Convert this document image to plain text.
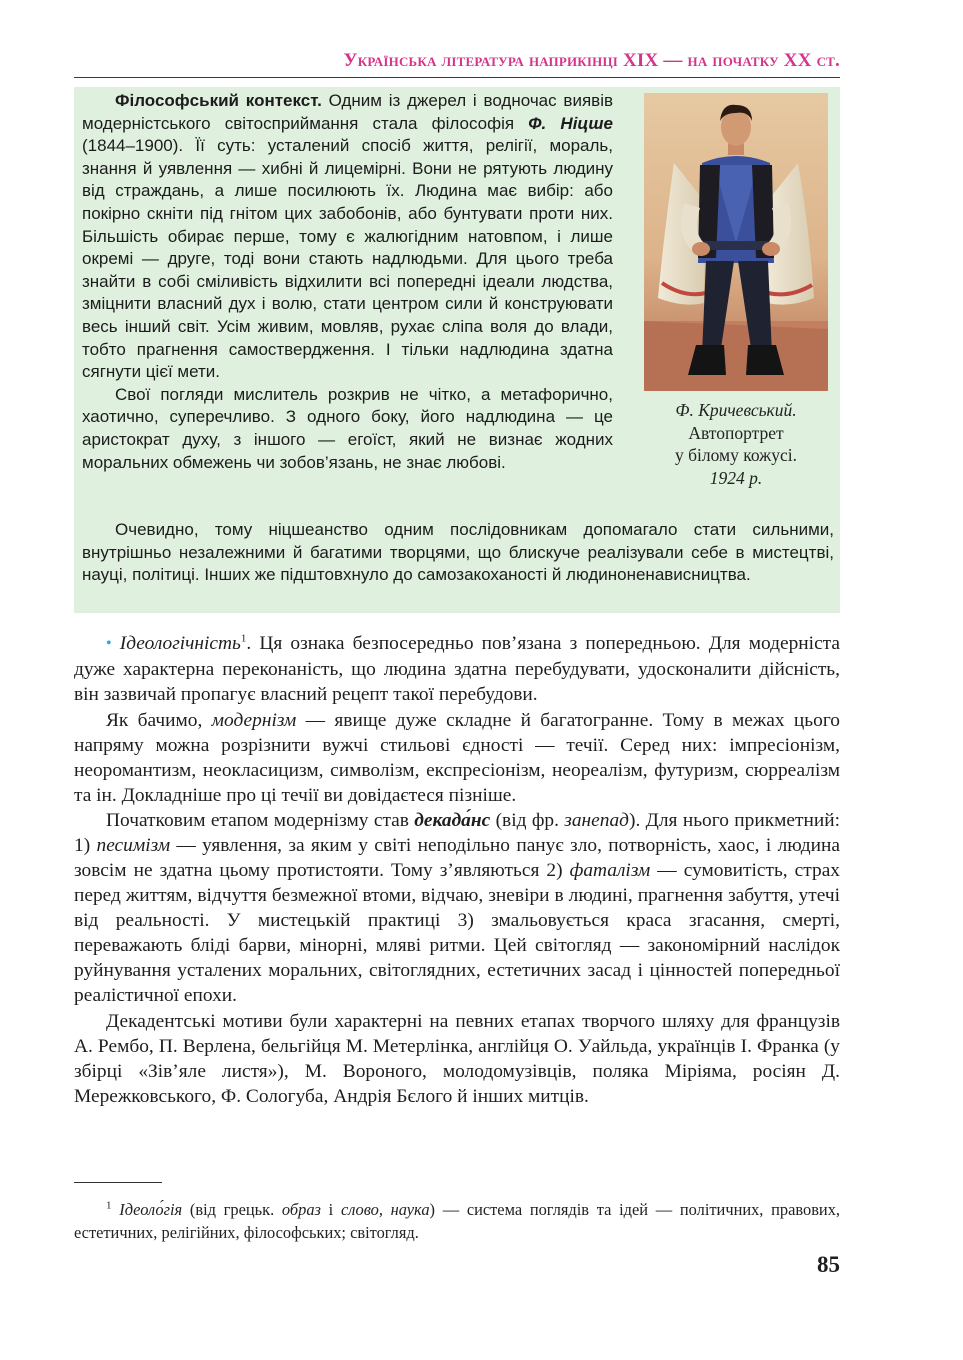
Українська література наприкінці XIX — на початку XX ст.

Філософський контекст. Одним із джерел і водночас виявів модерністського світосприймання стала філософія Ф. Ніцше (1844–1900). Її суть: усталений спосіб життя, релігії, мораль, знання й уявлення — хибні й лицемірні. Вони не рятують людину від страждань, а лише посилюють їх. Людина має вибір: або покірно скніти під гнітом цих забобонів, або бунтувати проти них. Більшість обирає перше, тому є жалюгідним натовпом, і лише окремі — друге, тоді вони стають надлюдьми. Для цього треба знайти в собі сміливість відхилити всі попередні ідеали людства, зміцнити власний дух і волю, стати центром сили й конструювати весь інший світ. Усім живим, мовляв, рухає сліпа воля до влади, тобто прагнення самоствердження. І тільки надлюдина здатна сягнути цієї мети.

Свої погляди мислитель розкрив не чітко, а метафорично, хаотично, суперечливо. З одного боку, його надлюдина — це аристократ духу, з іншого — егоїст, який не визнає жодних моральних обмежень чи зобов’язань, не знає любові.

Очевидно, тому ніцшеанство одним послідовникам допомагало стати сильними, внутрішньо незалежними й багатими творцями, що блискуче реалізували себе в мистецтві, науці, політиці. Інших же підштовхнуло до самозакоханості й людиноненависництва.

Ф. Кричевський.
Автопортрет
у білому кожусі.
1924 р.

• Ідеологічність$^1$. Ця ознака безпосередньо пов’язана з попередньою. Для модерніста дуже характерна переконаність, що людина здатна перебудувати, удосконалити дійсність, він зазвичай пропагує власний рецепт такої перебудови.

Як бачимо, модернізм — явище дуже складне й багатогранне. Тому в межах цього напряму можна розрізнити вужчі стильові єдності — течії. Серед них: імпресіонізм, неоромантизм, неокласицизм, символізм, експресіонізм, неореалізм, футуризм, сюрреалізм та ін. Докладніше про ці течії ви довідаєтеся пізніше.

Початковим етапом модернізму став декада́нс (від фр. занепад). Для нього прикметний: 1) песимізм — уявлення, за яким у світі неподільно панує зло, потворність, хаос, і людина зовсім не здатна цьому протистояти. Тому з’являються 2) фаталізм — сумовитість, страх перед життям, відчуття безмежної втоми, відчаю, зневіри в людині, прагнення забуття, утечі від реальності. У мистецькій практиці 3) змальовується краса згасання, смерті, переважають бліді барви, мінорні, мляві ритми. Цей світогляд — закономірний наслідок руйнування усталених моральних, світоглядних, естетичних засад і цінностей попередньої реалістичної епохи.

Декадентські мотиви були характерні на певних етапах творчого шляху для французів А. Рембо, П. Верлена, бельгійця М. Метерлінка, англійця О. Уайльда, українців І. Франка (у збірці «Зів’яле листя»), М. Вороного, молодомузівців, поляка Міріяма, росіян Д. Мережковського, Ф. Сологуба, Андрія Бєлого й інших митців.

$^1$ Ідеоло́гія (від грецьк. образ і слово, наука) — система поглядів та ідей — політичних, правових, естетичних, релігійних, філософських; світогляд.

85
